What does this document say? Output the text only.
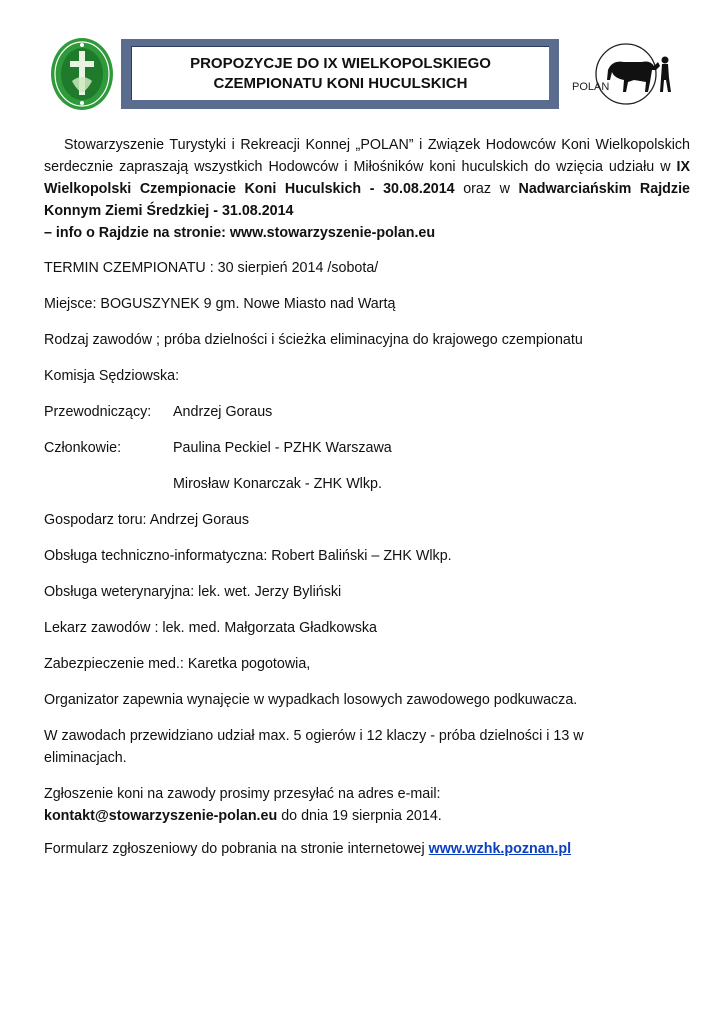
PROPOZYCJE DO IX WIELKOPOLSKIEGO
CZEMPIONATU KONI HUCULSKICH	POLAN

Stowarzyszenie Turystyki i Rekreacji Konnej „POLAN” i Związek Hodowców Koni Wielkopolskich serdecznie zapraszają wszystkich Hodowców i Miłośników koni huculskich do wzięcia udziału w IX Wielkopolski Czempionacie Koni Huculskich - 30.08.2014 oraz w Nadwarciańskim Rajdzie Konnym Ziemi Średzkiej - 31.08.2014
– info o Rajdzie na stronie: www.stowarzyszenie-polan.eu

TERMIN CZEMPIONATU : 30 sierpień 2014 /sobota/

Miejsce: BOGUSZYNEK 9 gm. Nowe Miasto nad Wartą

Rodzaj zawodów ; próba dzielności i ścieżka eliminacyjna do krajowego czempionatu

Komisja Sędziowska:

Przewodniczący:	Andrzej Goraus
Członkowie:	Paulina Peckiel - PZHK Warszawa
Mirosław Konarczak - ZHK Wlkp.

Gospodarz toru: Andrzej Goraus

Obsługa techniczno-informatyczna: Robert Baliński – ZHK Wlkp.

Obsługa weterynaryjna: lek. wet. Jerzy Byliński

Lekarz zawodów : lek. med. Małgorzata Gładkowska

Zabezpieczenie med.: Karetka pogotowia,

Organizator zapewnia wynajęcie w wypadkach losowych zawodowego podkuwacza.

W zawodach przewidziano udział max. 5 ogierów i 12 klaczy - próba dzielności i 13 w eliminacjach.

Zgłoszenie koni na zawody prosimy przesyłać na adres e-mail:
kontakt@stowarzyszenie-polan.eu do dnia 19 sierpnia 2014.

Formularz zgłoszeniowy do pobrania na stronie internetowej www.wzhk.poznan.pl
